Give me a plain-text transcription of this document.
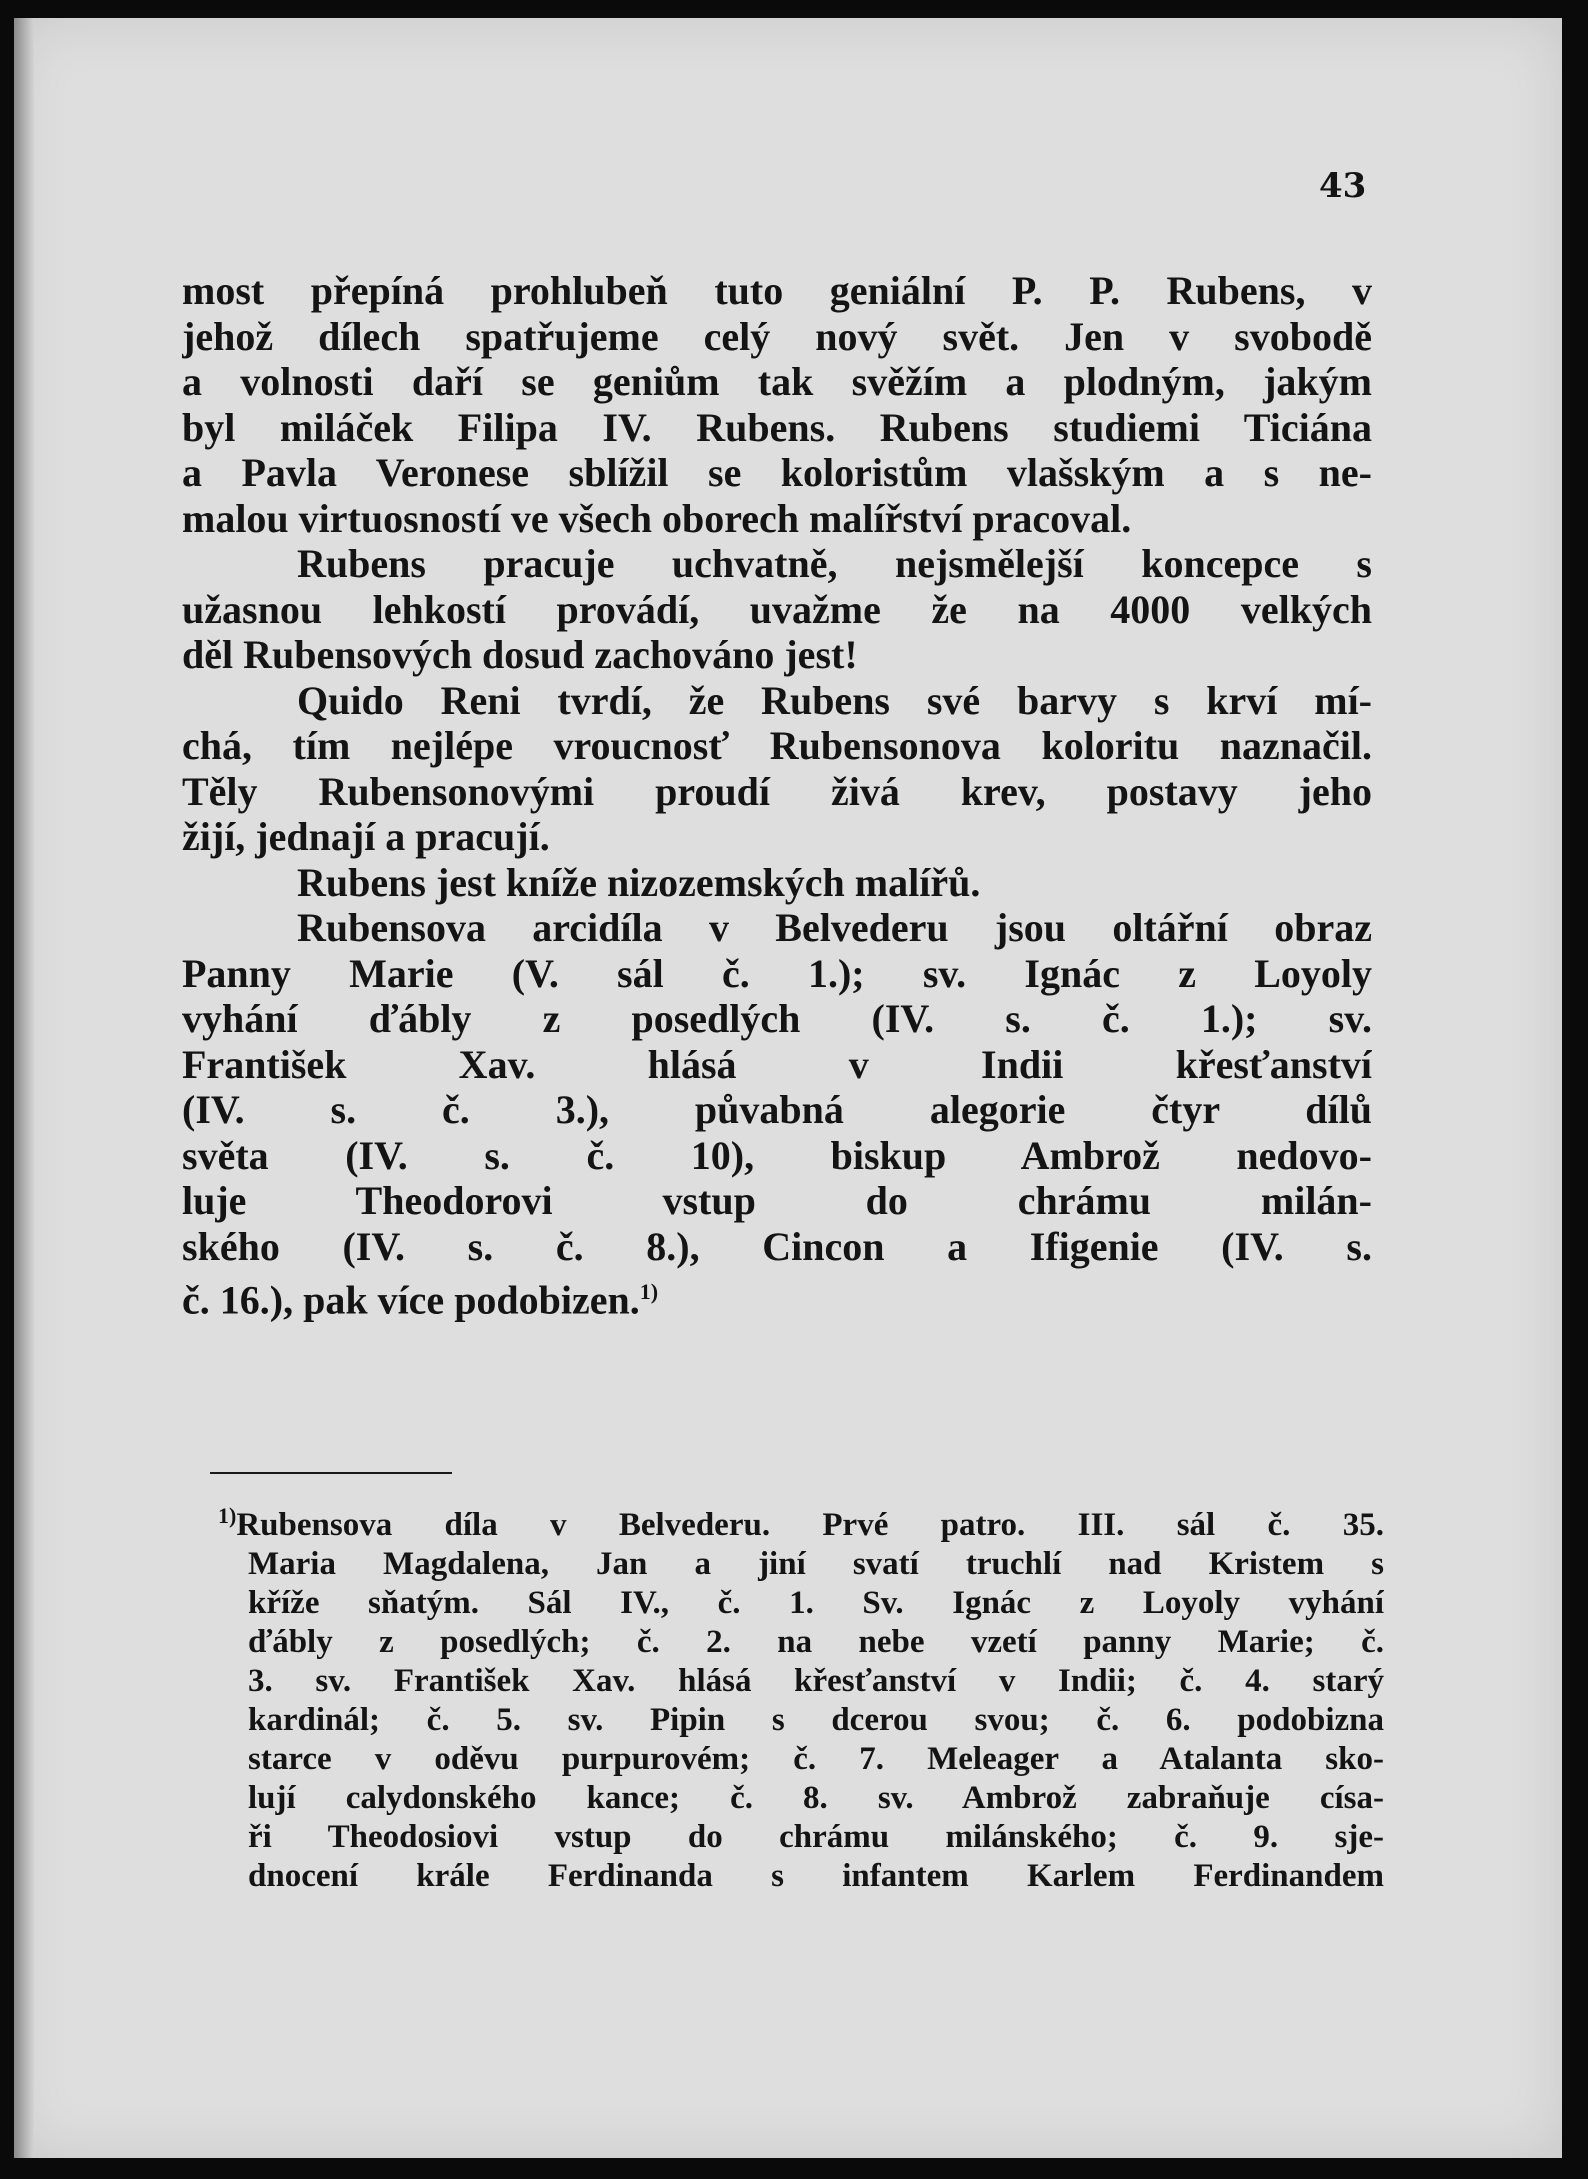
43
most přepíná prohlubeň tuto geniální P. P. Rubens, v
jehož dílech spatřujeme celý nový svět. Jen v svobodě
a volnosti daří se geniům tak svěžím a plodným, jakým
byl miláček Filipa IV. Rubens. Rubens studiemi Ticiána
a Pavla Veronese sblížil se koloristům vlašským a s ne-
malou virtuosností ve všech oborech malířství pracoval.
Rubens pracuje uchvatně, nejsmělejší koncepce s
užasnou lehkostí provádí, uvažme že na 4000 velkých
děl Rubensových dosud zachováno jest!
Quido Reni tvrdí, že Rubens své barvy s krví mí-
chá, tím nejlépe vroucnosť Rubensonova koloritu naznačil.
Těly Rubensonovými proudí živá krev, postavy jeho
žijí, jednají a pracují.
Rubens jest kníže nizozemských malířů.
Rubensova arcidíla v Belvederu jsou oltářní obraz
Panny Marie (V. sál č. 1.); sv. Ignác z Loyoly
vyhání ďábly z posedlých (IV. s. č. 1.); sv.
František Xav. hlásá v Indii křesťanství
(IV. s. č. 3.), půvabná alegorie čtyr dílů
světa (IV. s. č. 10), biskup Ambrož nedovo-
luje Theodorovi vstup do chrámu milán-
ského (IV. s. č. 8.), Cincon a Ifigenie (IV. s.
č. 16.), pak více podobizen.$^{1)}$
$^{1)}$Rubensova díla v Belvederu. Prvé patro. III. sál č. 35.
Maria Magdalena, Jan a jiní svatí truchlí nad Kristem s
kříže sňatým. Sál IV., č. 1. Sv. Ignác z Loyoly vyhání
ďábly z posedlých; č. 2. na nebe vzetí panny Marie; č.
3. sv. František Xav. hlásá křesťanství v Indii; č. 4. starý
kardinál; č. 5. sv. Pipin s dcerou svou; č. 6. podobizna
starce v oděvu purpurovém; č. 7. Meleager a Atalanta sko-
lují calydonského kance; č. 8. sv. Ambrož zabraňuje císa-
ři Theodosiovi vstup do chrámu milánského; č. 9. sje-
dnocení krále Ferdinanda s infantem Karlem Ferdinandem
